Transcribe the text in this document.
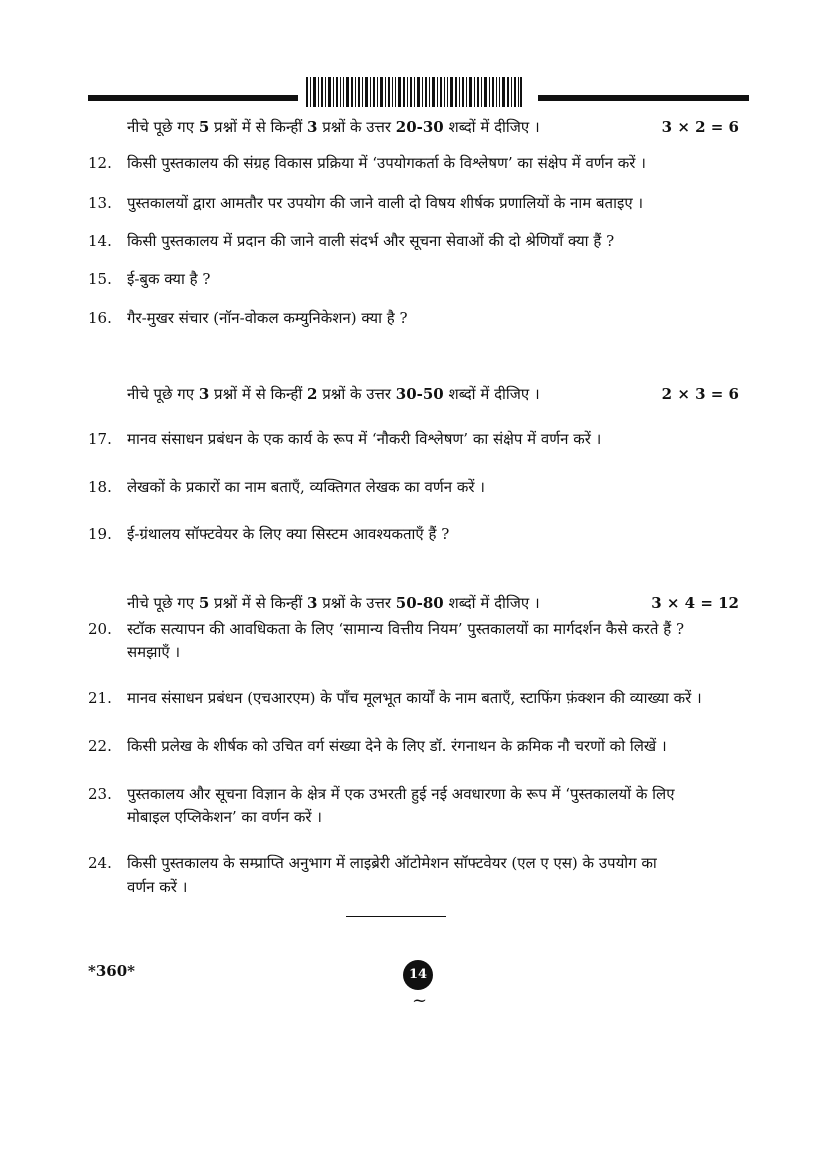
नीचे पूछे गए 5 प्रश्नों में से किन्हीं 3 प्रश्नों के उत्तर 20-30 शब्दों में दीजिए ।	3 × 2 = 6
12.	किसी पुस्तकालय की संग्रह विकास प्रक्रिया में ‘उपयोगकर्ता के विश्लेषण’ का संक्षेप में वर्णन करें ।
13.	पुस्तकालयों द्वारा आमतौर पर उपयोग की जाने वाली दो विषय शीर्षक प्रणालियों के नाम बताइए ।
14.	किसी पुस्तकालय में प्रदान की जाने वाली संदर्भ और सूचना सेवाओं की दो श्रेणियाँ क्या हैं ?
15.	ई-बुक क्या है ?
16.	गैर-मुखर संचार (नॉन-वोकल कम्युनिकेशन) क्या है ?
नीचे पूछे गए 3 प्रश्नों में से किन्हीं 2 प्रश्नों के उत्तर 30-50 शब्दों में दीजिए ।	2 × 3 = 6
17.	मानव संसाधन प्रबंधन के एक कार्य के रूप में ‘नौकरी विश्लेषण’ का संक्षेप में वर्णन करें ।
18.	लेखकों के प्रकारों का नाम बताएँ, व्यक्तिगत लेखक का वर्णन करें ।
19.	ई-ग्रंथालय सॉफ्टवेयर के लिए क्या सिस्टम आवश्यकताएँ हैं ?
नीचे पूछे गए 5 प्रश्नों में से किन्हीं 3 प्रश्नों के उत्तर 50-80 शब्दों में दीजिए ।	3 × 4 = 12
20.	स्टॉक सत्यापन की आवधिकता के लिए ‘सामान्य वित्तीय नियम’ पुस्तकालयों का मार्गदर्शन कैसे करते हैं ?
समझाएँ ।
21.	मानव संसाधन प्रबंधन (एचआरएम) के पाँच मूलभूत कार्यों के नाम बताएँ, स्टाफिंग फ़ंक्शन की व्याख्या करें ।
22.	किसी प्रलेख के शीर्षक को उचित वर्ग संख्या देने के लिए डॉ. रंगनाथन के क्रमिक नौ चरणों को लिखें ।
23.	पुस्तकालय और सूचना विज्ञान के क्षेत्र में एक उभरती हुई नई अवधारणा के रूप में ‘पुस्तकालयों के लिए
मोबाइल एप्लिकेशन’ का वर्णन करें ।
24.	किसी पुस्तकालय के सम्प्राप्ति अनुभाग में लाइब्रेरी ऑटोमेशन सॉफ्टवेयर (एल ए एस) के उपयोग का
वर्णन करें ।
*360*	14
~
